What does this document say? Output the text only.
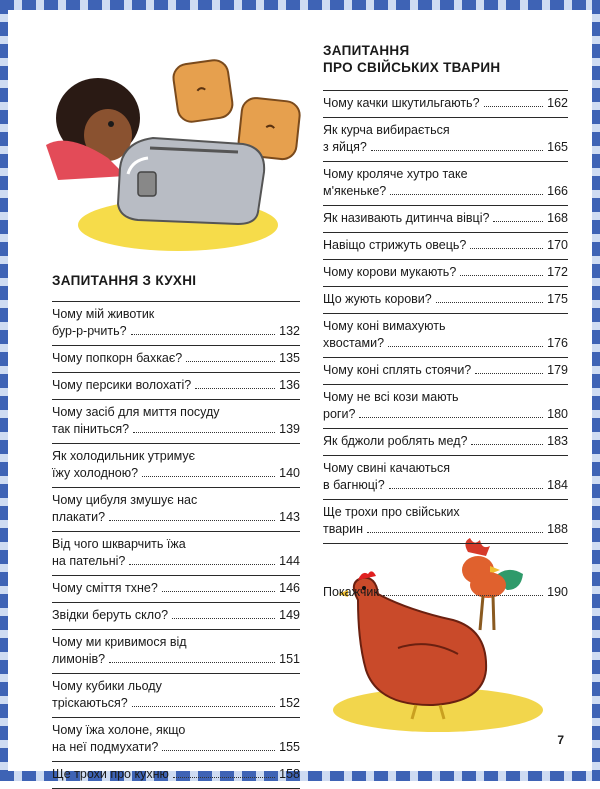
ЗАПИТАННЯ З КУХНІ
Чому мій животик
бур-р-рчить?	132
Чому попкорн бахкає?	135
Чому персики волохаті?	136
Чому засіб для миття посуду
так піниться?	139
Як холодильник утримує
їжу холодною?	140
Чому цибуля змушує нас
плакати?	143
Від чого шкварчить їжа
на пательні?	144
Чому сміття тхне?	146
Звідки беруть скло?	149
Чому ми кривимося від
лимонів?	151
Чому кубики льоду
тріскаються?	152
Чому їжа холоне, якщо
на неї подмухати?	155
Ще трохи про кухню	158
ЗАПИТАННЯ
ПРО СВІЙСЬКИХ ТВАРИН
Чому качки шкутильгають?	162
Як курча вибирається
з яйця?	165
Чому кроляче хутро таке
м'якеньке?	166
Як називають дитинча вівці?	168
Навіщо стрижуть овець?	170
Чому корови мукають?	172
Що жують корови?	175
Чому коні вимахують
хвостами?	176
Чому коні сплять стоячи?	179
Чому не всі кози мають
роги?	180
Як бджоли роблять мед?	183
Чому свині качаються
в багнюці?	184
Ще трохи про свійських
тварин	188
Покажчик	190
7
